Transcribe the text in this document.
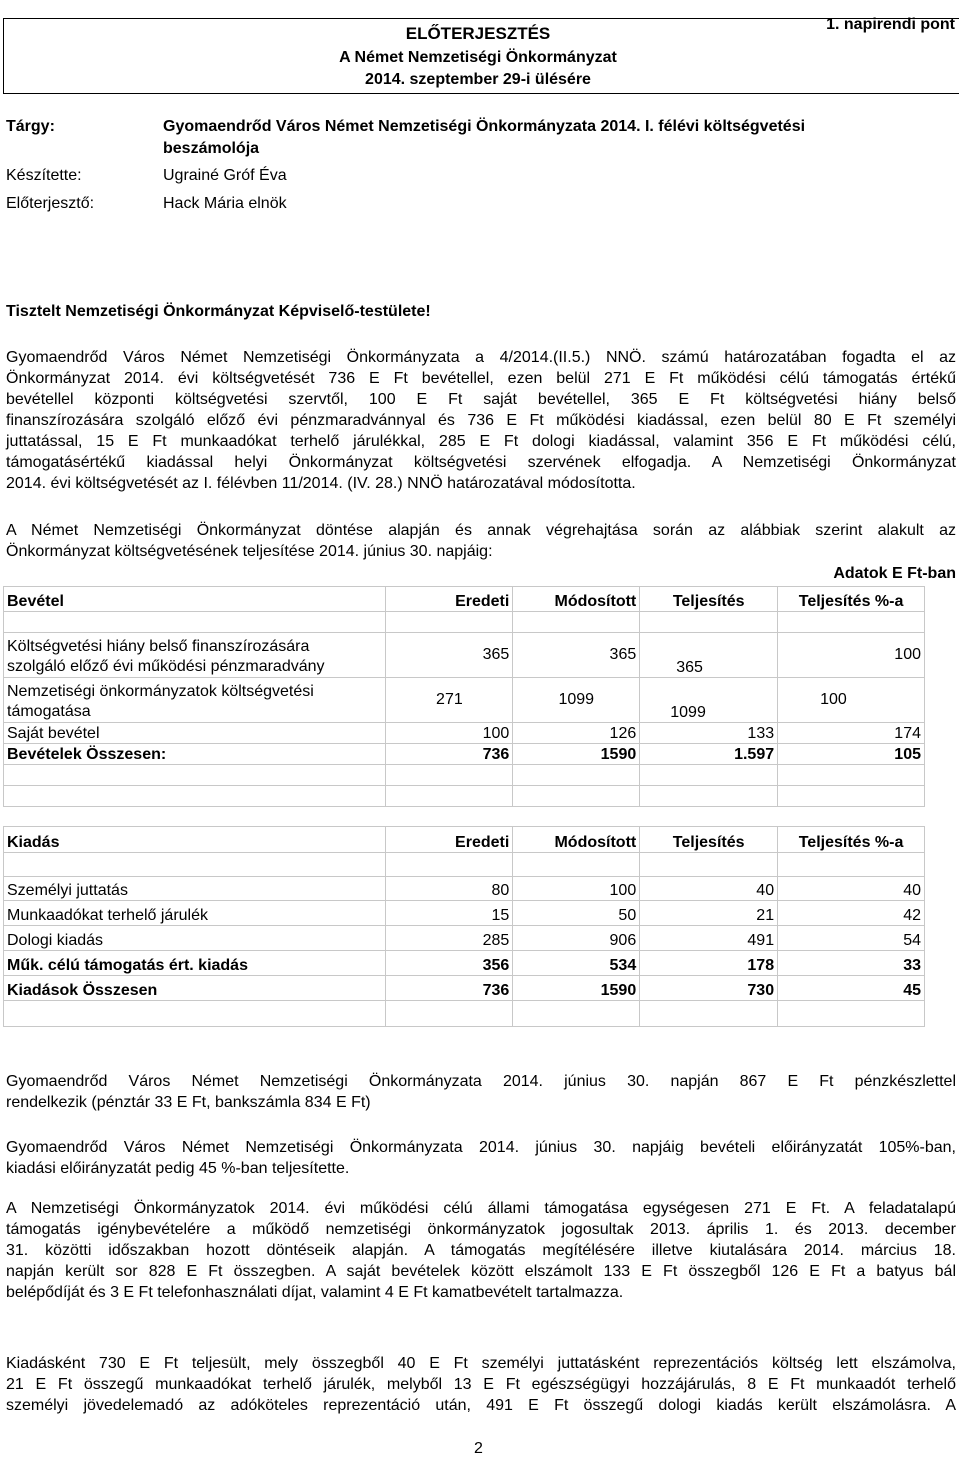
1. napirendi pont
ELŐTERJESZTÉS
A Német Nemzetiségi Önkormányzat
2014. szeptember 29-i ülésére
Tárgy:	Gyomaendrőd Város Német Nemzetiségi Önkormányzata 2014. I. félévi költségvetési
beszámolója
Készítette:	Ugrainé Gróf Éva
Előterjesztő:	Hack Mária elnök
Tisztelt Nemzetiségi Önkormányzat Képviselő-testülete!
Gyomaendrőd Város Német Nemzetiségi Önkormányzata a 4/2014.(II.5.) NNÖ. számú határozatában fogadta el az
Önkormányzat 2014. évi költségvetését 736 E Ft bevétellel, ezen belül 271 E Ft működési célú támogatás értékű
bevétellel központi költségvetési szervtől, 100 E Ft saját bevétellel, 365 E Ft költségvetési hiány belső
finanszírozására szolgáló előző évi pénzmaradvánnyal és 736 E Ft működési kiadással, ezen belül 80 E Ft személyi
juttatással, 15 E Ft munkaadókat terhelő járulékkal, 285 E Ft dologi kiadással, valamint 356 E Ft működési célú,
támogatásértékű kiadással helyi Önkormányzat költségvetési szervének elfogadja. A Nemzetiségi Önkormányzat
2014. évi költségvetését az I. félévben 11/2014. (IV. 28.) NNÖ határozatával módosította.
A Német Nemzetiségi Önkormányzat döntése alapján és annak végrehajtása során az alábbiak szerint alakult az
Önkormányzat költségvetésének teljesítése 2014. június 30. napjáig:
Adatok E Ft-ban
Bevétel	Eredeti	Módosított	Teljesítés	Teljesítés %-a

Költségvetési hiány belső finanszírozására
szolgáló előző évi működési pénzmaradvány	365	365	365	100

Nemzetiségi önkormányzatok költségvetési
támogatása	271	1099	1099	100
Saját bevétel	100	126	133	174
Bevételek Összesen:	736	1590	1.597	105

Kiadás	Eredeti	Módosított	Teljesítés	Teljesítés %-a

Személyi juttatás	80	100	40	40
Munkaadókat terhelő járulék	15	50	21	42
Dologi kiadás	285	906	491	54
Műk. célú támogatás ért. kiadás	356	534	178	33
Kiadások Összesen	736	1590	730	45

Gyomaendrőd Város Német Nemzetiségi Önkormányzata 2014. június 30. napján 867 E Ft pénzkészlettel
rendelkezik (pénztár 33 E Ft, bankszámla 834 E Ft)
Gyomaendrőd Város Német Nemzetiségi Önkormányzata 2014. június 30. napjáig bevételi előirányzatát 105%-ban,
kiadási előirányzatát pedig 45 %-ban teljesítette.
A Nemzetiségi Önkormányzatok 2014. évi működési célú állami támogatása egységesen 271 E Ft. A feladatalapú
támogatás igénybevételére a működő nemzetiségi önkormányzatok jogosultak 2013. április 1. és 2013. december
31. közötti időszakban hozott döntéseik alapján. A támogatás megítélésére illetve kiutalására 2014. március 18.
napján került sor 828 E Ft összegben. A saját bevételek között elszámolt 133 E Ft összegből 126 E Ft a batyus bál
belépődíját és 3 E Ft telefonhasználati díjat, valamint 4 E Ft kamatbevételt tartalmazza.
Kiadásként 730 E Ft teljesült, mely összegből 40 E Ft személyi juttatásként reprezentációs költség lett elszámolva,
21 E Ft összegű munkaadókat terhelő járulék, melyből 13 E Ft egészségügyi hozzájárulás, 8 E Ft munkaadót terhelő
személyi jövedelemadó az adóköteles reprezentáció után, 491 E Ft összegű dologi kiadás került elszámolásra. A
2
